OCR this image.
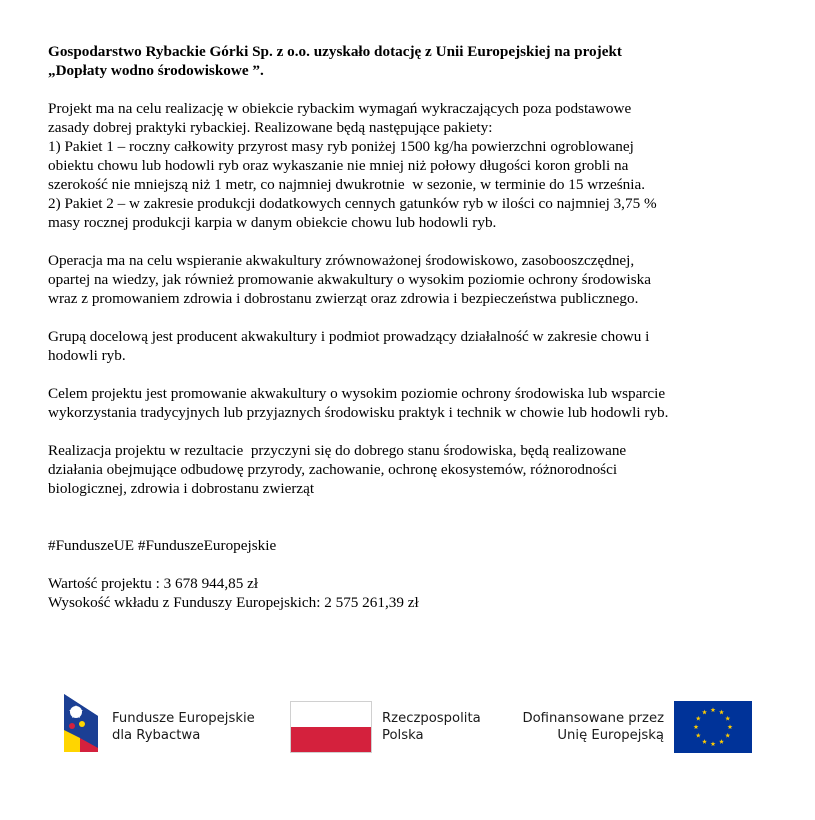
Gospodarstwo Rybackie Górki Sp. z o.o. uzyskało dotację z Unii Europejskiej na projekt
„Dopłaty wodno środowiskowe ”.
Projekt ma na celu realizację w obiekcie rybackim wymagań wykraczających poza podstawowe
zasady dobrej praktyki rybackiej. Realizowane będą następujące pakiety:
1) Pakiet 1 – roczny całkowity przyrost masy ryb poniżej 1500 kg/ha powierzchni ogroblowanej
obiektu chowu lub hodowli ryb oraz wykaszanie nie mniej niż połowy długości koron grobli na
szerokość nie mniejszą niż 1 metr, co najmniej dwukrotnie  w sezonie, w terminie do 15 września.
2) Pakiet 2 – w zakresie produkcji dodatkowych cennych gatunków ryb w ilości co najmniej 3,75 %
masy rocznej produkcji karpia w danym obiekcie chowu lub hodowli ryb.
Operacja ma na celu wspieranie akwakultury zrównoważonej środowiskowo, zasobooszczędnej,
opartej na wiedzy, jak również promowanie akwakultury o wysokim poziomie ochrony środowiska
wraz z promowaniem zdrowia i dobrostanu zwierząt oraz zdrowia i bezpieczeństwa publicznego.
Grupą docelową jest producent akwakultury i podmiot prowadzący działalność w zakresie chowu i
hodowli ryb.
Celem projektu jest promowanie akwakultury o wysokim poziomie ochrony środowiska lub wsparcie
wykorzystania tradycyjnych lub przyjaznych środowisku praktyk i technik w chowie lub hodowli ryb.
Realizacja projektu w rezultacie  przyczyni się do dobrego stanu środowiska, będą realizowane
działania obejmujące odbudowę przyrody, zachowanie, ochronę ekosystemów, różnorodności
biologicznej, zdrowia i dobrostanu zwierząt
#FunduszeUE #FunduszeEuropejskie
Wartość projektu : 3 678 944,85 zł
Wysokość wkładu z Funduszy Europejskich: 2 575 261,39 zł
Fundusze Europejskie
dla Rybactwa
Rzeczpospolita
Polska
Dofinansowane przez
Unię Europejską
